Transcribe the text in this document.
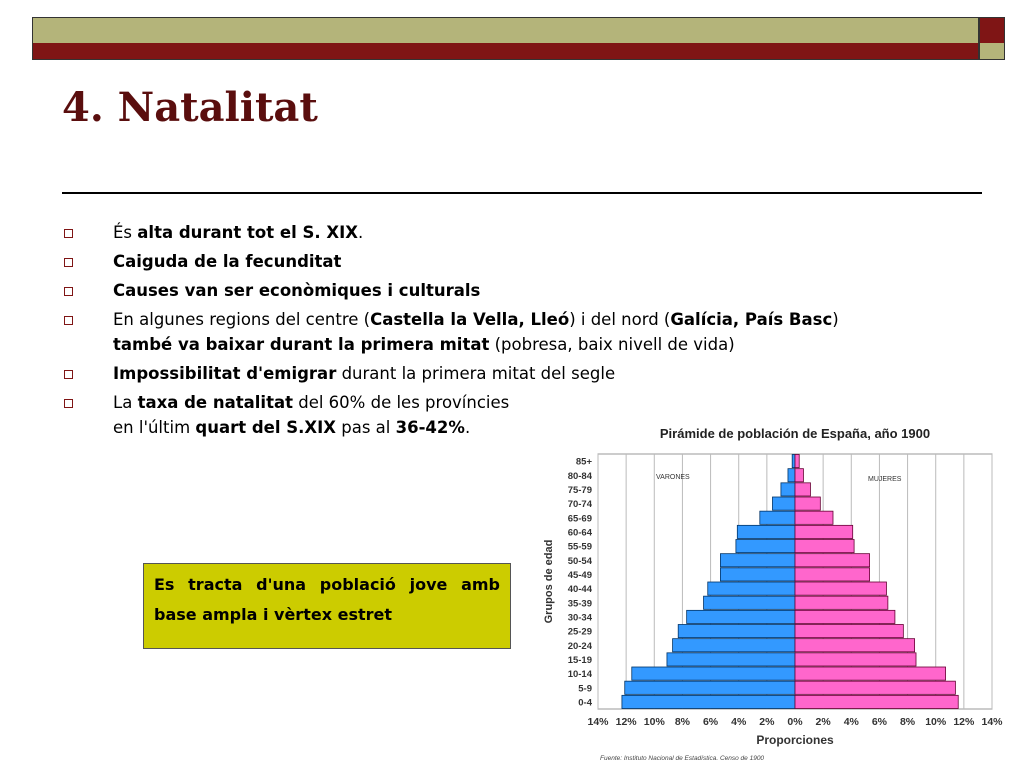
4. Natalitat
És alta durant tot el S. XIX.
Caiguda de la fecunditat
Causes van ser econòmiques i culturals
En algunes regions del centre (Castella la Vella, Lleó) i del nord (Galícia, País Basc)
també va baixar durant la primera mitat (pobresa, baix nivell de vida)
Impossibilitat d'emigrar durant la primera mitat del segle
La taxa de natalitat del 60% de les províncies
en l'últim quart del S.XIX pas al 36-42%.
Es tracta d'una població jove amb base ampla i vèrtex estret
Pirámide de población de España, año 1900
14% 12% 10% 8% 6% 4% 2% 0% 2% 4% 6% 8% 10% 12% 14%
85+
80-84
75-79
70-74
65-69
60-64
55-59
50-54
45-49
40-44
35-39
30-34
25-29
20-24
15-19
10-14
5-9
0-4
VARONES	MUJERES
Proporciones
Grupos de edad
Fuente: Instituto Nacional de Estadística. Censo de 1900
